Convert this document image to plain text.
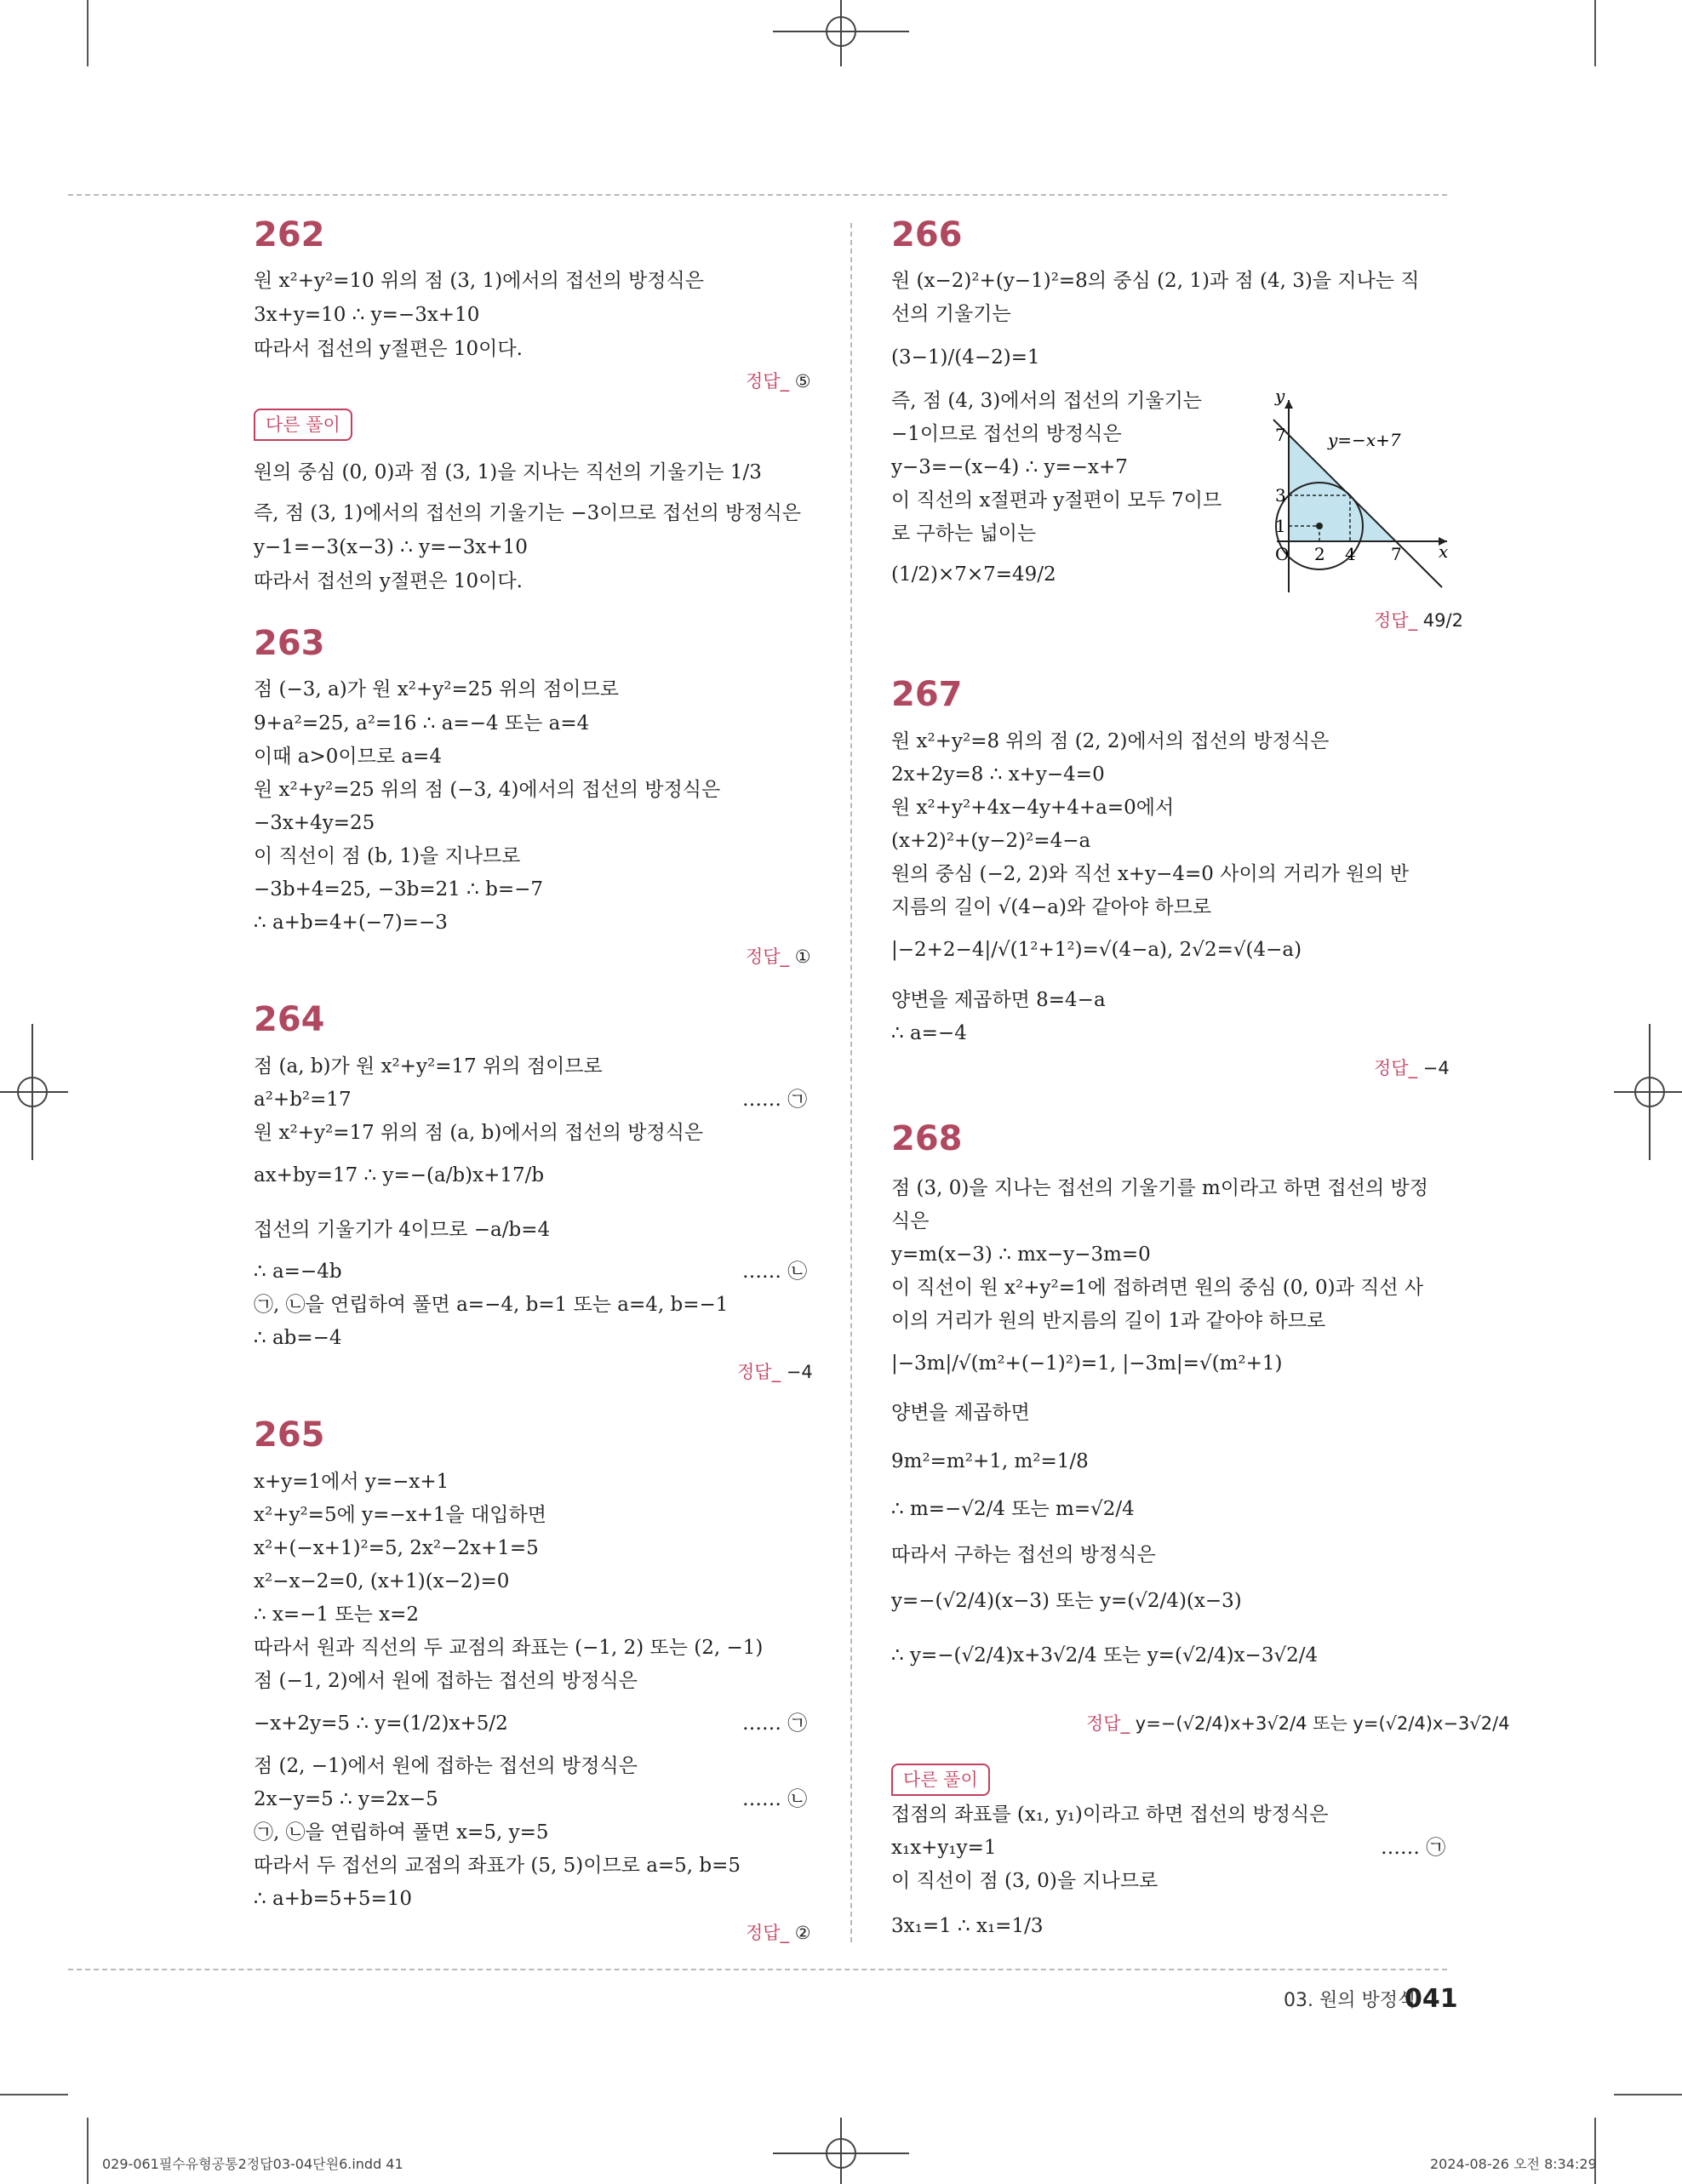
262
원 x²+y²=10 위의 점 (3, 1)에서의 접선의 방정식은
3x+y=10 ∴ y=−3x+10
따라서 접선의 y절편은 10이다.
정답_ ⑤
다른 풀이
원의 중심 (0, 0)과 점 (3, 1)을 지나는 직선의 기울기는 1/3
즉, 점 (3, 1)에서의 접선의 기울기는 −3이므로 접선의 방정식은
y−1=−3(x−3) ∴ y=−3x+10
따라서 접선의 y절편은 10이다.
263
점 (−3, a)가 원 x²+y²=25 위의 점이므로
9+a²=25, a²=16 ∴ a=−4 또는 a=4
이때 a>0이므로 a=4
원 x²+y²=25 위의 점 (−3, 4)에서의 접선의 방정식은
−3x+4y=25
이 직선이 점 (b, 1)을 지나므로
−3b+4=25, −3b=21 ∴ b=−7
∴ a+b=4+(−7)=−3
정답_ ①
264
점 (a, b)가 원 x²+y²=17 위의 점이므로
a²+b²=17	…… ㉠
원 x²+y²=17 위의 점 (a, b)에서의 접선의 방정식은
ax+by=17 ∴ y=−(a/b)x+17/b
접선의 기울기가 4이므로 −a/b=4
∴ a=−4b	…… ㉡
㉠, ㉡을 연립하여 풀면 a=−4, b=1 또는 a=4, b=−1
∴ ab=−4
정답_ −4
265
x+y=1에서 y=−x+1
x²+y²=5에 y=−x+1을 대입하면
x²+(−x+1)²=5, 2x²−2x+1=5
x²−x−2=0, (x+1)(x−2)=0
∴ x=−1 또는 x=2
따라서 원과 직선의 두 교점의 좌표는 (−1, 2) 또는 (2, −1)
점 (−1, 2)에서 원에 접하는 접선의 방정식은
−x+2y=5 ∴ y=(1/2)x+5/2	…… ㉠
점 (2, −1)에서 원에 접하는 접선의 방정식은
2x−y=5 ∴ y=2x−5	…… ㉡
㉠, ㉡을 연립하여 풀면 x=5, y=5
따라서 두 접선의 교점의 좌표가 (5, 5)이므로 a=5, b=5
∴ a+b=5+5=10
정답_ ②
266
원 (x−2)²+(y−1)²=8의 중심 (2, 1)과 점 (4, 3)을 지나는 직
선의 기울기는
(3−1)/(4−2)=1
즉, 점 (4, 3)에서의 접선의 기울기는
−1이므로 접선의 방정식은
y−3=−(x−4) ∴ y=−x+7
이 직선의 x절편과 y절편이 모두 7이므
로 구하는 넓이는
(1/2)×7×7=49/2
y=−x+7
x
y
O 2 4 7
1
3
7
정답_ 49/2
267
원 x²+y²=8 위의 점 (2, 2)에서의 접선의 방정식은
2x+2y=8 ∴ x+y−4=0
원 x²+y²+4x−4y+4+a=0에서
(x+2)²+(y−2)²=4−a
원의 중심 (−2, 2)와 직선 x+y−4=0 사이의 거리가 원의 반
지름의 길이 √(4−a)와 같아야 하므로
|−2+2−4|/√(1²+1²)=√(4−a), 2√2=√(4−a)
양변을 제곱하면 8=4−a
∴ a=−4
정답_ −4
268
점 (3, 0)을 지나는 접선의 기울기를 m이라고 하면 접선의 방정
식은
y=m(x−3) ∴ mx−y−3m=0
이 직선이 원 x²+y²=1에 접하려면 원의 중심 (0, 0)과 직선 사
이의 거리가 원의 반지름의 길이 1과 같아야 하므로
|−3m|/√(m²+(−1)²)=1, |−3m|=√(m²+1)
양변을 제곱하면
9m²=m²+1, m²=1/8
∴ m=−√2/4 또는 m=√2/4
따라서 구하는 접선의 방정식은
y=−(√2/4)(x−3) 또는 y=(√2/4)(x−3)
∴ y=−(√2/4)x+3√2/4 또는 y=(√2/4)x−3√2/4
정답_ y=−(√2/4)x+3√2/4 또는 y=(√2/4)x−3√2/4
다른 풀이
접점의 좌표를 (x₁, y₁)이라고 하면 접선의 방정식은
x₁x+y₁y=1	…… ㉠
이 직선이 점 (3, 0)을 지나므로
3x₁=1 ∴ x₁=1/3
03. 원의 방정식
041
029-061필수유형공통2정답03-04단원6.indd 41	2024-08-26 오전 8:34:29
